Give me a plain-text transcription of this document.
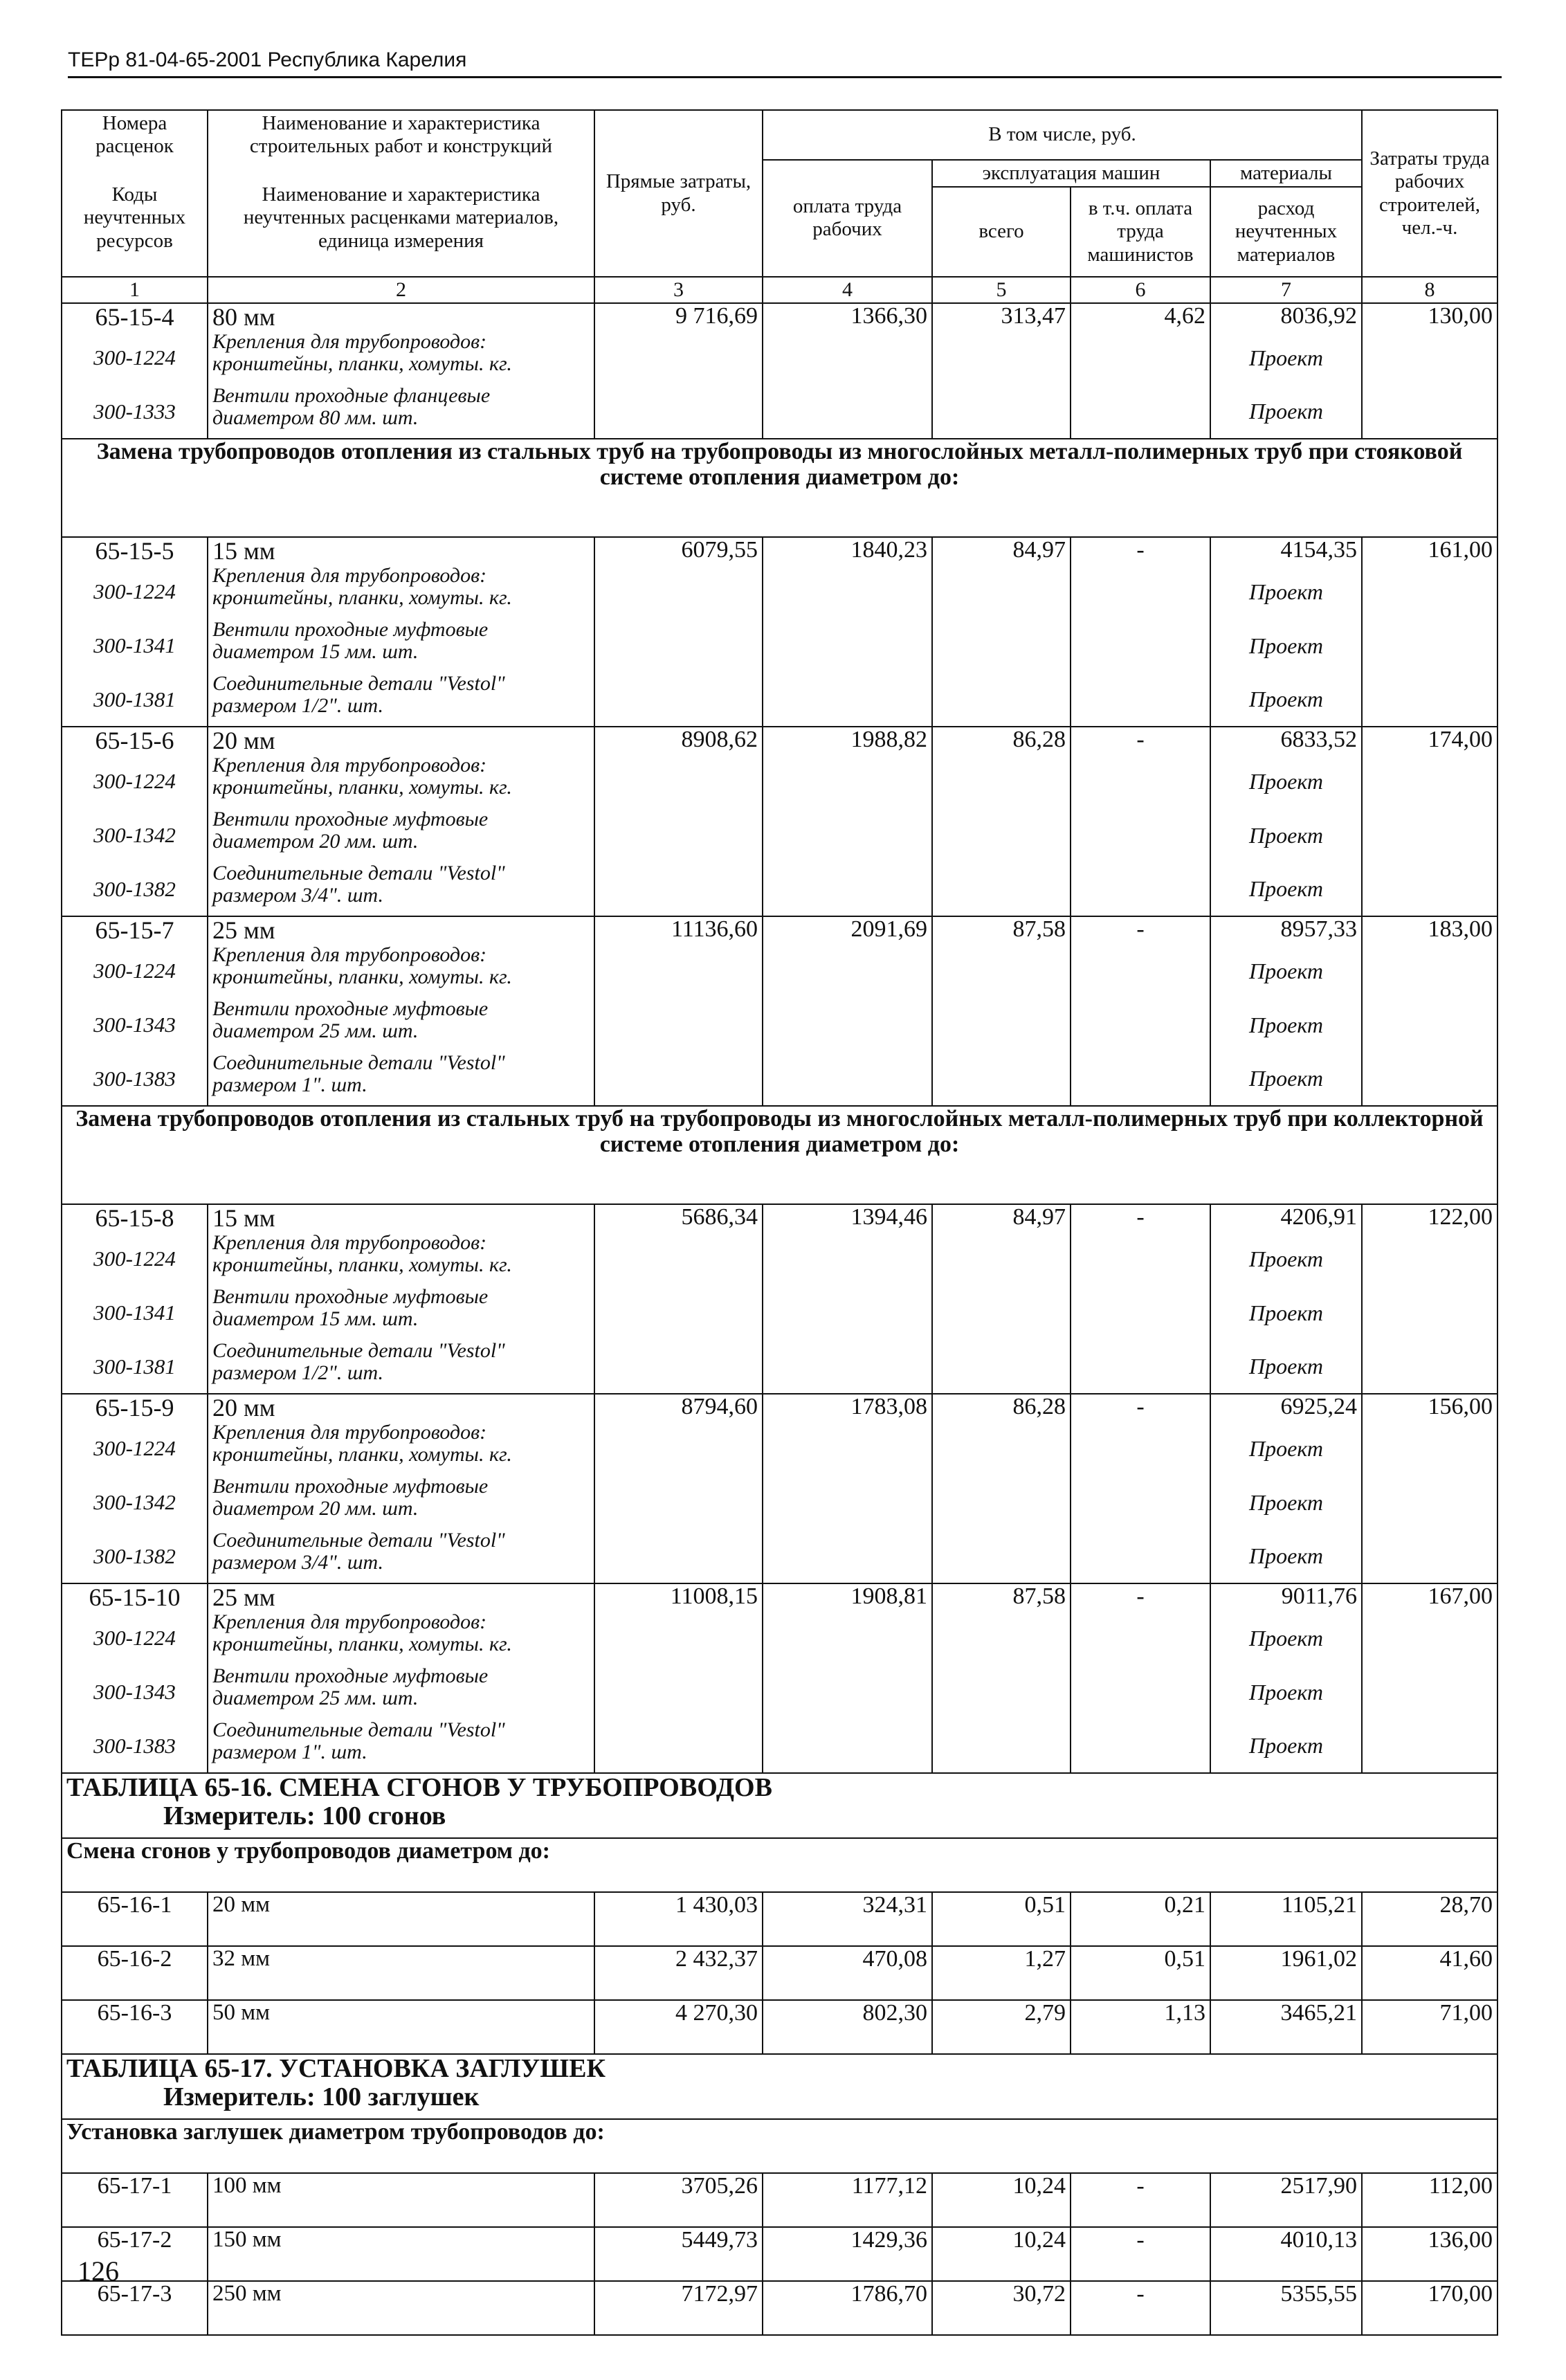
ТЕРр 81-04-65-2001 Республика Карелия
Номера расценок	Наименование и характеристика строительных работ и конструкций	Прямые затраты, руб.	В том числе, руб.				Затраты труда рабочих строителей, чел.-ч.
Коды неучтенных ресурсов	Наименование и характеристика неучтенных расценками материалов, единица измерения		оплата труда рабочих	эксплуатация машин		материалы	
				всего	в т.ч. оплата труда машинистов	расход неучтенных материалов	
1	2	3	4	5	6	7	8
65-15-4	80 мм	9 716,69	1366,30	313,47	4,62	8036,92	130,00
300-1224	Крепления для трубопроводов: кронштейны, планки, хомуты. кг.					Проект	
300-1333	Вентили проходные фланцевые диаметром 80 мм. шт.					Проект	
Замена трубопроводов отопления из стальных труб на трубопроводы из многослойных металл-полимерных труб при стояковой системе отопления диаметром до:							
65-15-5	15 мм	6079,55	1840,23	84,97	-	4154,35	161,00
300-1224	Крепления для трубопроводов: кронштейны, планки, хомуты. кг.					Проект	
300-1341	Вентили проходные муфтовые диаметром 15 мм. шт.					Проект	
300-1381	Соединительные детали "Vestol" размером 1/2". шт.					Проект	
65-15-6	20 мм	8908,62	1988,82	86,28	-	6833,52	174,00
300-1224	Крепления для трубопроводов: кронштейны, планки, хомуты. кг.					Проект	
300-1342	Вентили проходные муфтовые диаметром 20 мм. шт.					Проект	
300-1382	Соединительные детали "Vestol" размером 3/4". шт.					Проект	
65-15-7	25 мм	11136,60	2091,69	87,58	-	8957,33	183,00
300-1224	Крепления для трубопроводов: кронштейны, планки, хомуты. кг.					Проект	
300-1343	Вентили проходные муфтовые диаметром 25 мм. шт.					Проект	
300-1383	Соединительные детали "Vestol" размером 1". шт.					Проект	
Замена трубопроводов отопления из стальных труб на трубопроводы из многослойных металл-полимерных труб при коллекторной системе отопления диаметром до:							
65-15-8	15 мм	5686,34	1394,46	84,97	-	4206,91	122,00
300-1224	Крепления для трубопроводов: кронштейны, планки, хомуты. кг.					Проект	
300-1341	Вентили проходные муфтовые диаметром 15 мм. шт.					Проект	
300-1381	Соединительные детали "Vestol" размером 1/2". шт.					Проект	
65-15-9	20 мм	8794,60	1783,08	86,28	-	6925,24	156,00
300-1224	Крепления для трубопроводов: кронштейны, планки, хомуты. кг.					Проект	
300-1342	Вентили проходные муфтовые диаметром 20 мм. шт.					Проект	
300-1382	Соединительные детали "Vestol" размером 3/4". шт.					Проект	
65-15-10	25 мм	11008,15	1908,81	87,58	-	9011,76	167,00
300-1224	Крепления для трубопроводов: кронштейны, планки, хомуты. кг.					Проект	
300-1343	Вентили проходные муфтовые диаметром 25 мм. шт.					Проект	
300-1383	Соединительные детали "Vestol" размером 1". шт.					Проект	
ТАБЛИЦА 65-16. СМЕНА СГОНОВ У ТРУБОПРОВОДОВ
Измеритель: 100 сгонов							

Смена сгонов у трубопроводов диаметром до:							
65-16-1	20 мм	1 430,03	324,31	0,51	0,21	1105,21	28,70
65-16-2	32 мм	2 432,37	470,08	1,27	0,51	1961,02	41,60
65-16-3	50 мм	4 270,30	802,30	2,79	1,13	3465,21	71,00
ТАБЛИЦА 65-17. УСТАНОВКА ЗАГЛУШЕК
Измеритель: 100 заглушек							

Установка заглушек диаметром трубопроводов до:							
65-17-1	100 мм	3705,26	1177,12	10,24	-	2517,90	112,00
65-17-2	150 мм	5449,73	1429,36	10,24	-	4010,13	136,00
65-17-3	250 мм	7172,97	1786,70	30,72	-	5355,55	170,00
126
